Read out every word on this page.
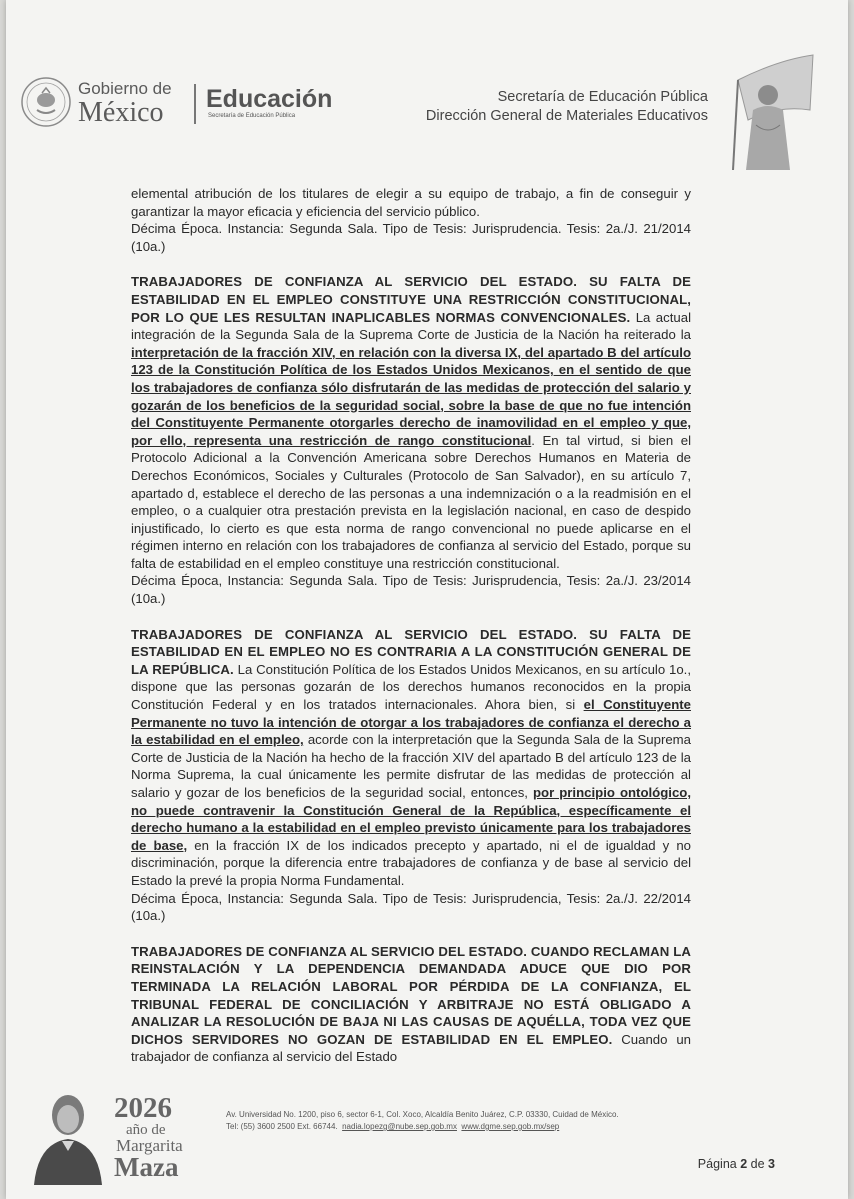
Gobierno de
México	Educación
Secretaría de Educación Pública
Secretaría de Educación Pública
Dirección General de Materiales Educativos

elemental atribución de los titulares de elegir a su equipo de trabajo, a fin de conseguir y garantizar la mayor eficacia y eficiencia del servicio público.

Décima Época. Instancia: Segunda Sala. Tipo de Tesis: Jurisprudencia. Tesis: 2a./J. 21/2014 (10a.)

TRABAJADORES DE CONFIANZA AL SERVICIO DEL ESTADO. SU FALTA DE ESTABILIDAD EN EL EMPLEO CONSTITUYE UNA RESTRICCIÓN CONSTITUCIONAL, POR LO QUE LES RESULTAN INAPLICABLES NORMAS CONVENCIONALES. La actual integración de la Segunda Sala de la Suprema Corte de Justicia de la Nación ha reiterado la interpretación de la fracción XIV, en relación con la diversa IX, del apartado B del artículo 123 de la Constitución Política de los Estados Unidos Mexicanos, en el sentido de que los trabajadores de confianza sólo disfrutarán de las medidas de protección del salario y gozarán de los beneficios de la seguridad social, sobre la base de que no fue intención del Constituyente Permanente otorgarles derecho de inamovilidad en el empleo y que, por ello, representa una restricción de rango constitucional. En tal virtud, si bien el Protocolo Adicional a la Convención Americana sobre Derechos Humanos en Materia de Derechos Económicos, Sociales y Culturales (Protocolo de San Salvador), en su artículo 7, apartado d, establece el derecho de las personas a una indemnización o a la readmisión en el empleo, o a cualquier otra prestación prevista en la legislación nacional, en caso de despido injustificado, lo cierto es que esta norma de rango convencional no puede aplicarse en el régimen interno en relación con los trabajadores de confianza al servicio del Estado, porque su falta de estabilidad en el empleo constituye una restricción constitucional.

Décima Época, Instancia: Segunda Sala. Tipo de Tesis: Jurisprudencia, Tesis: 2a./J. 23/2014 (10a.)

TRABAJADORES DE CONFIANZA AL SERVICIO DEL ESTADO. SU FALTA DE ESTABILIDAD EN EL EMPLEO NO ES CONTRARIA A LA CONSTITUCIÓN GENERAL DE LA REPÚBLICA. La Constitución Política de los Estados Unidos Mexicanos, en su artículo 1o., dispone que las personas gozarán de los derechos humanos reconocidos en la propia Constitución Federal y en los tratados internacionales. Ahora bien, si el Constituyente Permanente no tuvo la intención de otorgar a los trabajadores de confianza el derecho a la estabilidad en el empleo, acorde con la interpretación que la Segunda Sala de la Suprema Corte de Justicia de la Nación ha hecho de la fracción XIV del apartado B del artículo 123 de la Norma Suprema, la cual únicamente les permite disfrutar de las medidas de protección al salario y gozar de los beneficios de la seguridad social, entonces, por principio ontológico, no puede contravenir la Constitución General de la República, específicamente el derecho humano a la estabilidad en el empleo previsto únicamente para los trabajadores de base, en la fracción IX de los indicados precepto y apartado, ni el de igualdad y no discriminación, porque la diferencia entre trabajadores de confianza y de base al servicio del Estado la prevé la propia Norma Fundamental.

Décima Época, Instancia: Segunda Sala. Tipo de Tesis: Jurisprudencia, Tesis: 2a./J. 22/2014 (10a.)

TRABAJADORES DE CONFIANZA AL SERVICIO DEL ESTADO. CUANDO RECLAMAN LA REINSTALACIÓN Y LA DEPENDENCIA DEMANDADA ADUCE QUE DIO POR TERMINADA LA RELACIÓN LABORAL POR PÉRDIDA DE LA CONFIANZA, EL TRIBUNAL FEDERAL DE CONCILIACIÓN Y ARBITRAJE NO ESTÁ OBLIGADO A ANALIZAR LA RESOLUCIÓN DE BAJA NI LAS CAUSAS DE AQUÉLLA, TODA VEZ QUE DICHOS SERVIDORES NO GOZAN DE ESTABILIDAD EN EL EMPLEO. Cuando un trabajador de confianza al servicio del Estado

2026
año de
Margarita
Maza
Av. Universidad No. 1200, piso 6, sector 6-1, Col. Xoco, Alcaldía Benito Juárez, C.P. 03330, Cuidad de México.
Tel: (55) 3600 2500 Ext. 66744. nadia.lopezg@nube.sep.gob.mx www.dgme.sep.gob.mx/sep
Página 2 de 3
